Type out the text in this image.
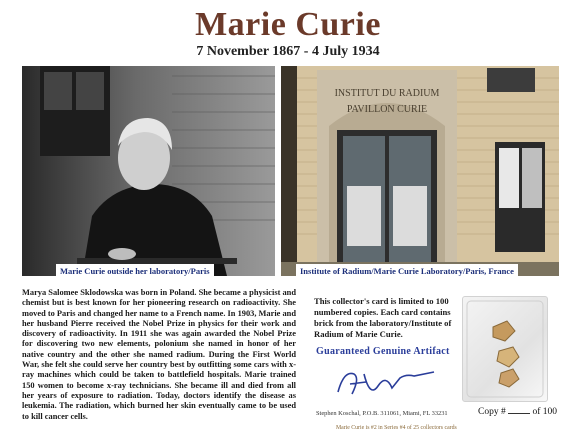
Marie Curie
7 November 1867 - 4 July 1934
INSTITUT DU RADIUM
PAVILLON CURIE
Marie Curie outside her laboratory/Paris	Institute of Radium/Marie Curie Laboratory/Paris, France
Marya Salomee Sklodowska was born in Poland. She became a physicist and chemist but is best known for her pioneering research on radioactivity. She moved to Paris and changed her name to a French name. In 1903, Marie and her husband Pierre received the Nobel Prize in physics for their work and discovery of radioactivity. In 1911 she was again awarded the Nobel Prize for discovering two new elements, polonium she named in honor of her native country and the other she named radium. During the First World War, she felt she could serve her country best by outfitting some cars with x-ray machines which could be taken to battlefield hospitals. Marie trained 150 women to become x-ray technicians. She became ill and died from all her years of exposure to radiation. Today, doctors identify the disease as leukemia. The radiation, which burned her skin eventually came to be used to kill cancer cells.
This collector's card is limited to 100 numbered copies. Each card contains brick from the laboratory/Institute of Radium of Marie Curie.
Guaranteed Genuine Artifact
Stephen Koschal, P.O.B. 311061, Miami, FL 33231	Copy #	of 100
Marie Curie is #2 in Series #4 of 25 collectors cards
